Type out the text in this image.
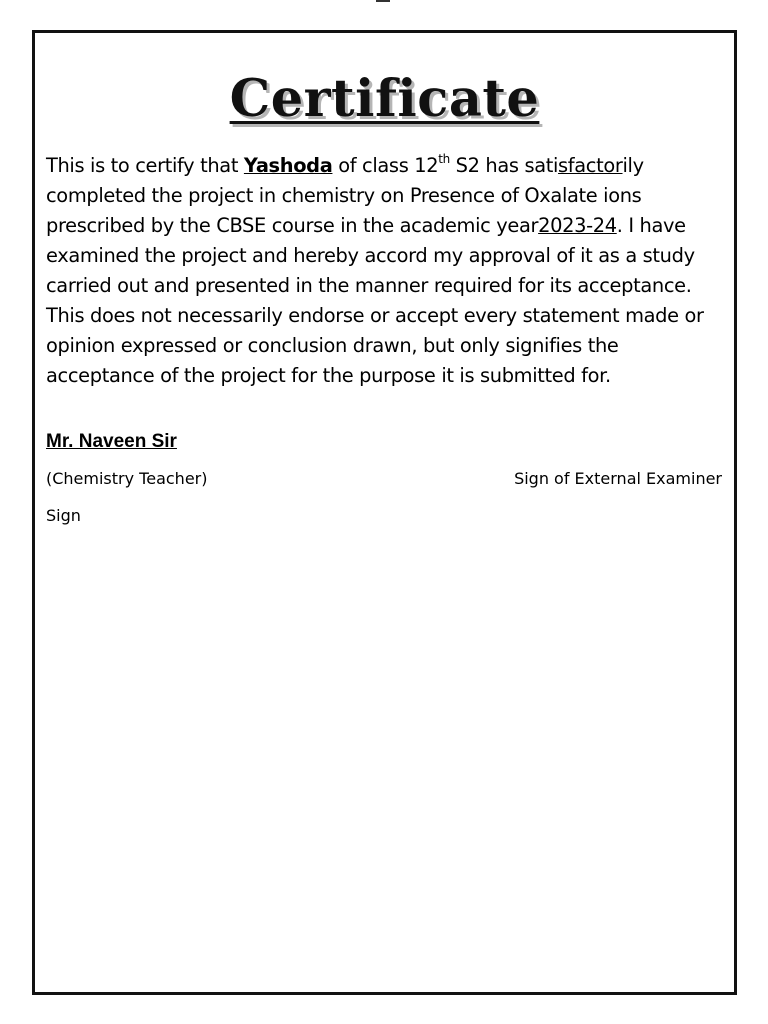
Certificate

This is to certify that Yashoda of class 12th S2 has satisfactorily completed the project in chemistry on Presence of Oxalate ions prescribed by the CBSE course in the academic year2023-24. I have examined the project and hereby accord my approval of it as a study carried out and presented in the manner required for its acceptance. This does not necessarily endorse or accept every statement made or opinion expressed or conclusion drawn, but only signifies the acceptance of the project for the purpose it is submitted for.

Mr. Naveen Sir
(Chemistry Teacher)	Sign of External Examiner
Sign
